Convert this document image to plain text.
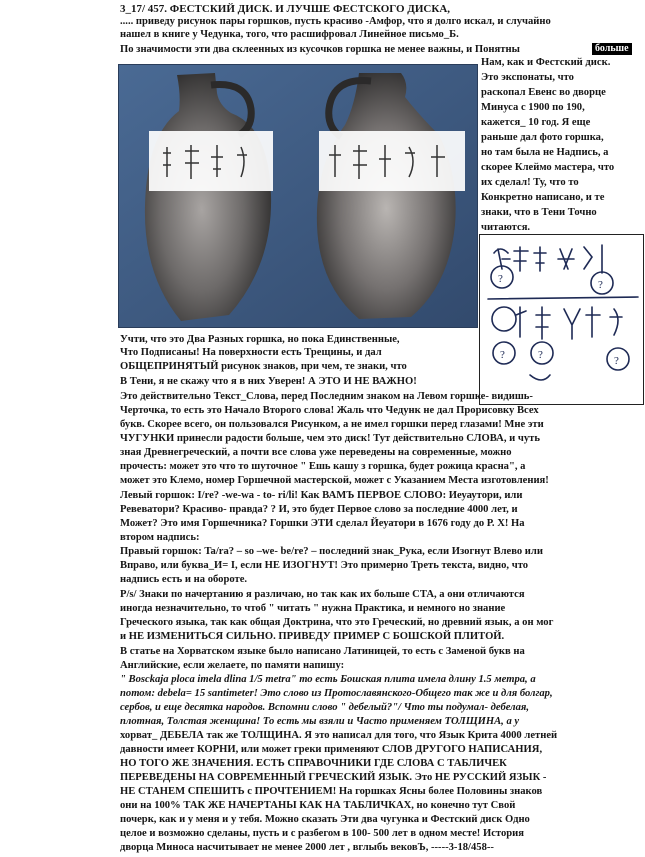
3_17/ 457. ФЕСТСКИЙ ДИСК. И ЛУЧШЕ ФЕСТСКОГО ДИСКА,
..... приведу рисунок пары горшков, пусть красиво -Амфор, что я долго искал, и случайно
нашел в книге у Чедунка, того, что расшифровал Линейное письмо_Б.
По значимости эти два склеенных из кусочков горшка не менее важны, и Понятны	больше
Нам, как и Фестский диск.
Это экспонаты, что
раскопал Евенс во дворце
Минуса с 1900 по 190,
кажется_ 10 год. Я еще
раньше дал фото горшка,
но там была не Надпись, а
скорее Клеймо мастера, что
их сделал! Ту, что то
Конкретно написано, и те
знаки, что в Тени Точно
читаются.
?	?
?	?	?
Учти, что это Два Разных горшка, но пока Единственные,
Что Подписаны! На поверхности есть Трещины, и дал
ОБЩЕПРИНЯТЫЙ рисунок знаков, при чем, те знаки, что
В Тени, я не скажу что я в них Уверен! А ЭТО И НЕ ВАЖНО!
Это действительно Текст_Слова, перед Последним знаком на Левом горшке- видишь-
Черточка, то есть это Начало Второго слова! Жаль что Чедунк не дал Прорисовку Всех
букв. Скорее всего, он пользовался Рисунком, а не имел горшки перед глазами! Мне эти
ЧУГУНКИ принесли радости больше, чем это диск! Тут действительно СЛОВА, и чуть
зная Древнегреческий, а почти все слова уже переведены на современные, можно
прочесть: может это что то шуточное " Ешь кашу з горшка, будет рожица красна", а
может это Клемо, номер Горшечной мастерской, может с Указанием Места изготовления!
Левый горшок: I/re? -we-wa - to- ri/li! Как ВАМЪ ПЕРВОЕ СЛОВО: Иеуаутори, или
Ревеватори? Красиво- правда? ? И, это будет Первое слово за последние 4000 лет, и
Может? Это имя Горшечника? Горшки ЭТИ сделал Йеуатори в 1676 году до Р. Х! На
втором надпись:
Правый горшок: Ta/ra? – so –we- be/re? – последний знак_Рука, если Изогнут Влево или
Вправо, или буква_И= I, если НЕ ИЗОГНУТ! Это примерно Треть текста, видно, что
надпись есть и на обороте.
P/s/ Знаки по начертанию я различаю, но так как их больше СТА, а они отличаются
иногда незначительно, то чтоб " читать " нужна Практика, и немного но знание
Греческого языка, так как общая Доктрина, что это Греческий, но древний язык, а он мог
и НЕ ИЗМЕНИТЬСЯ СИЛЬНО. ПРИВЕДУ ПРИМЕР С БОШСКОЙ ПЛИТОЙ.
В статье на Хорватском языке было написано Латиницей, то есть с Заменой букв на
Английские, если желаете, по памяти напишу:
" Bosckaja ploca imela dlina 1/5 metra" то есть Бошская плита имела длину 1.5 метра, а
потом: debela= 15 santimeter! Это слово из Протославянского-Общего так же и для болгар,
сербов, и еще десятка народов. Вспомни слово " дебелый?"/ Что ты подумал- дебелая,
плотная, Толстая женщина! То есть мы взяли и Часто применяем ТОЛЩИНА, а у
хорват_ ДЕБЕЛА так же ТОЛЩИНА. Я это написал для того, что Язык Крита 4000 летней
давности имеет КОРНИ, или может греки применяют СЛОВ ДРУГОГО НАПИСАНИЯ,
НО ТОГО ЖЕ ЗНАЧЕНИЯ. ЕСТЬ СПРАВОЧНИКИ ГДЕ СЛОВА С ТАБЛИЧЕК
ПЕРЕВЕДЕНЫ НА СОВРЕМЕННЫЙ ГРЕЧЕСКИЙ ЯЗЫК. Это НЕ РУССКИЙ ЯЗЫК -
НЕ СТАНЕМ СПЕШИТЬ с ПРОЧТЕНИЕМ! На горшках Ясны более Половины знаков
они на 100% ТАК ЖЕ НАЧЕРТАНЫ КАК НА ТАБЛИЧКАХ, но конечно тут Свой
почерк, как и у меня и у тебя. Можно сказать Эти два чугунка и Фестский диск Одно
целое и возможно сделаны, пусть и с разбегом в 100- 500 лет в одном месте! История
дворца Миноса насчитывает не менее 2000 лет , вглыбь вековЪ, -----3-18/458--
